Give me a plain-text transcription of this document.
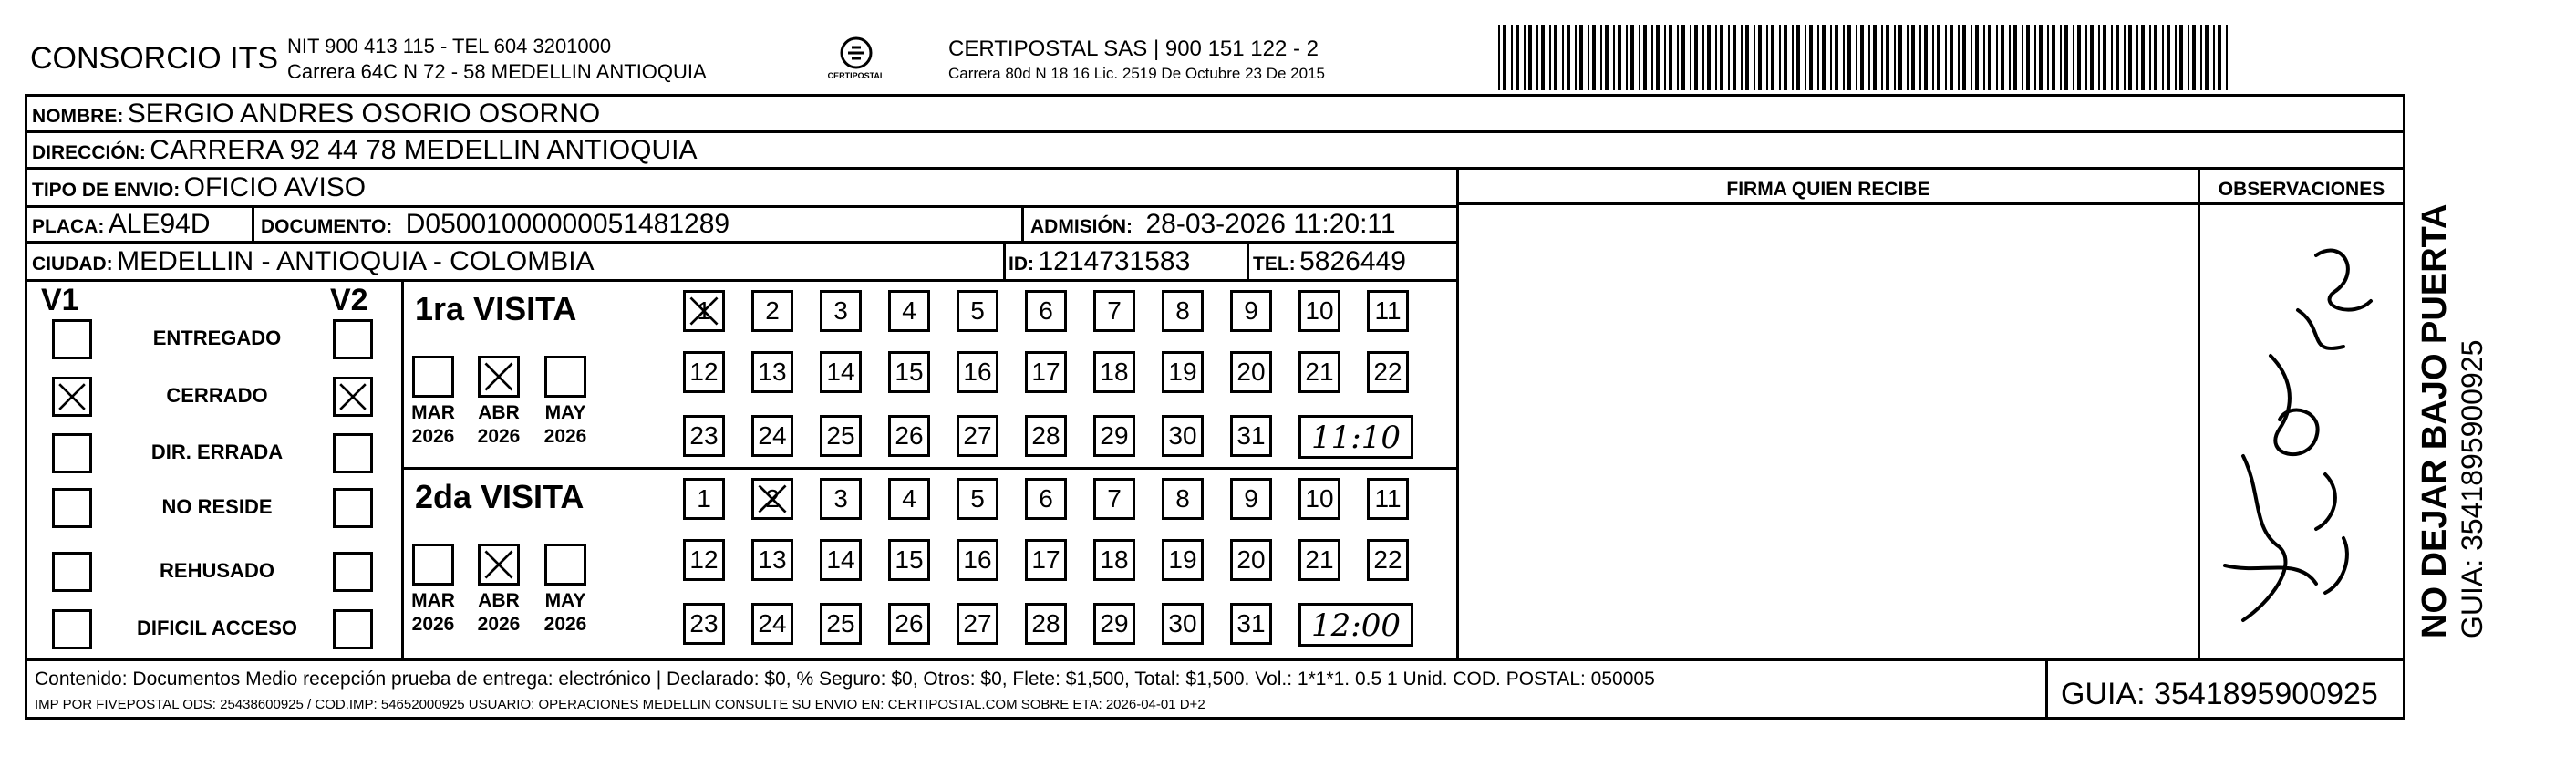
CONSORCIO ITS NIT 900 413 115 - TEL 604 3201000
Carrera 64C N 72 - 58 MEDELLIN ANTIOQUIA	CERTIPOSTAL
CERTIPOSTAL SAS | 900 151 122 - 2
Carrera 80d N 18 16 Lic. 2519 De Octubre 23 De 2015
NOMBRE: SERGIO ANDRES OSORIO OSORNO
DIRECCIÓN: CARRERA 92 44 78 MEDELLIN ANTIOQUIA
TIPO DE ENVIO: OFICIO AVISO
PLACA: ALE94D	DOCUMENTO: D05001000000051481289	ADMISIÓN: 28-03-2026 11:20:11
CIUDAD: MEDELLIN - ANTIOQUIA - COLOMBIA	ID: 1214731583	TEL: 5826449
FIRMA QUIEN RECIBE	OBSERVACIONES
NO DEJAR BAJO PUERTA GUIA: 3541895900925
V1	V2
ENTREGADO
CERRADO
DIR. ERRADA
NO RESIDE
REHUSADO
DIFICIL ACCESO
1ra VISITA
MAR
2026
ABR
2026
MAY
2026
1	2	3	4	5	6	7	8	9	10	11
12 13 14 15 16 17 18 19 20 21 22
23 24 25 26 27 28 29 30 31	11:10
2da VISITA
MAR
2026
ABR
2026
MAY
2026
1	2	3	4	5	6	7	8	9	10	11
12 13 14 15 16 17 18 19 20 21 22
23 24 25 26 27 28 29 30 31	12:00
Contenido: Documentos Medio recepción prueba de entrega: electrónico | Declarado: $0, % Seguro: $0, Otros: $0, Flete: $1,500, Total: $1,500. Vol.: 1*1*1. 0.5 1 Unid. COD. POSTAL: 050005
IMP POR FIVEPOSTAL ODS: 25438600925 / COD.IMP: 54652000925 USUARIO: OPERACIONES MEDELLIN CONSULTE SU ENVIO EN: CERTIPOSTAL.COM SOBRE ETA: 2026-04-01 D+2	GUIA: 3541895900925
